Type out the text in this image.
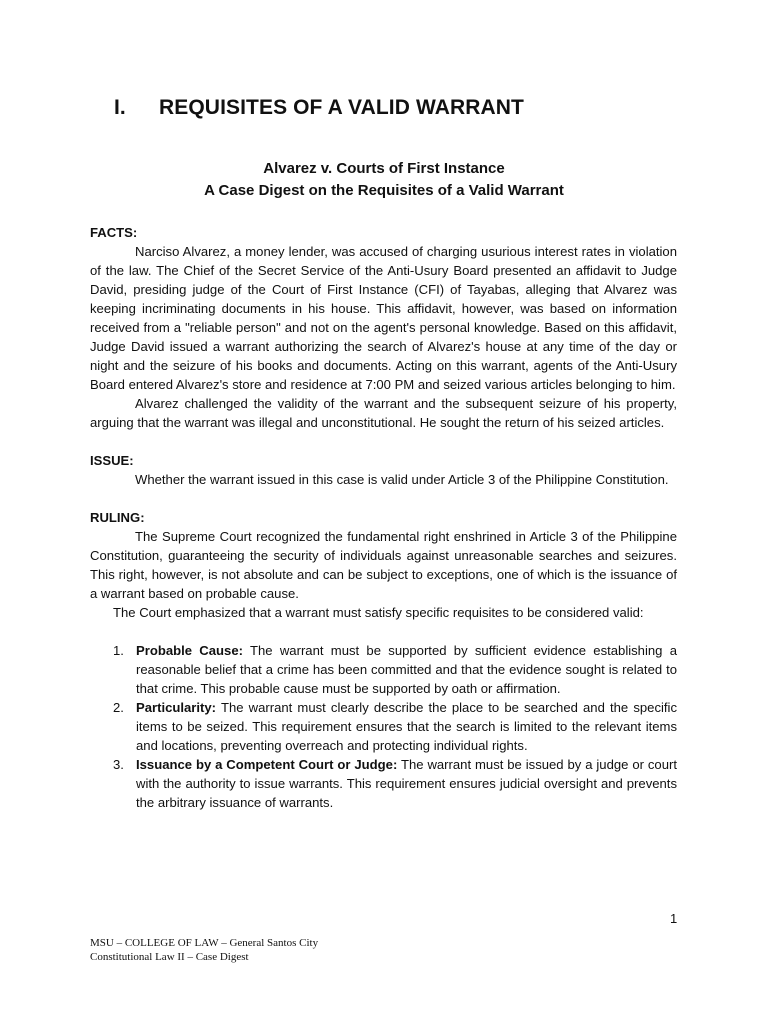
I. REQUISITES OF A VALID WARRANT
Alvarez v. Courts of First Instance
A Case Digest on the Requisites of a Valid Warrant
FACTS:

Narciso Alvarez, a money lender, was accused of charging usurious interest rates in violation of the law. The Chief of the Secret Service of the Anti-Usury Board presented an affidavit to Judge David, presiding judge of the Court of First Instance (CFI) of Tayabas, alleging that Alvarez was keeping incriminating documents in his house. This affidavit, however, was based on information received from a "reliable person" and not on the agent's personal knowledge. Based on this affidavit, Judge David issued a warrant authorizing the search of Alvarez's house at any time of the day or night and the seizure of his books and documents. Acting on this warrant, agents of the Anti-Usury Board entered Alvarez's store and residence at 7:00 PM and seized various articles belonging to him.

Alvarez challenged the validity of the warrant and the subsequent seizure of his property, arguing that the warrant was illegal and unconstitutional. He sought the return of his seized articles.

ISSUE:

Whether the warrant issued in this case is valid under Article 3 of the Philippine Constitution.

RULING:

The Supreme Court recognized the fundamental right enshrined in Article 3 of the Philippine Constitution, guaranteeing the security of individuals against unreasonable searches and seizures. This right, however, is not absolute and can be subject to exceptions, one of which is the issuance of a warrant based on probable cause.

The Court emphasized that a warrant must satisfy specific requisites to be considered valid:

1. Probable Cause: The warrant must be supported by sufficient evidence establishing a reasonable belief that a crime has been committed and that the evidence sought is related to that crime. This probable cause must be supported by oath or affirmation.
2. Particularity: The warrant must clearly describe the place to be searched and the specific items to be seized. This requirement ensures that the search is limited to the relevant items and locations, preventing overreach and protecting individual rights.
3. Issuance by a Competent Court or Judge: The warrant must be issued by a judge or court with the authority to issue warrants. This requirement ensures judicial oversight and prevents the arbitrary issuance of warrants.
1
MSU – COLLEGE OF LAW – General Santos City
Constitutional Law II – Case Digest
